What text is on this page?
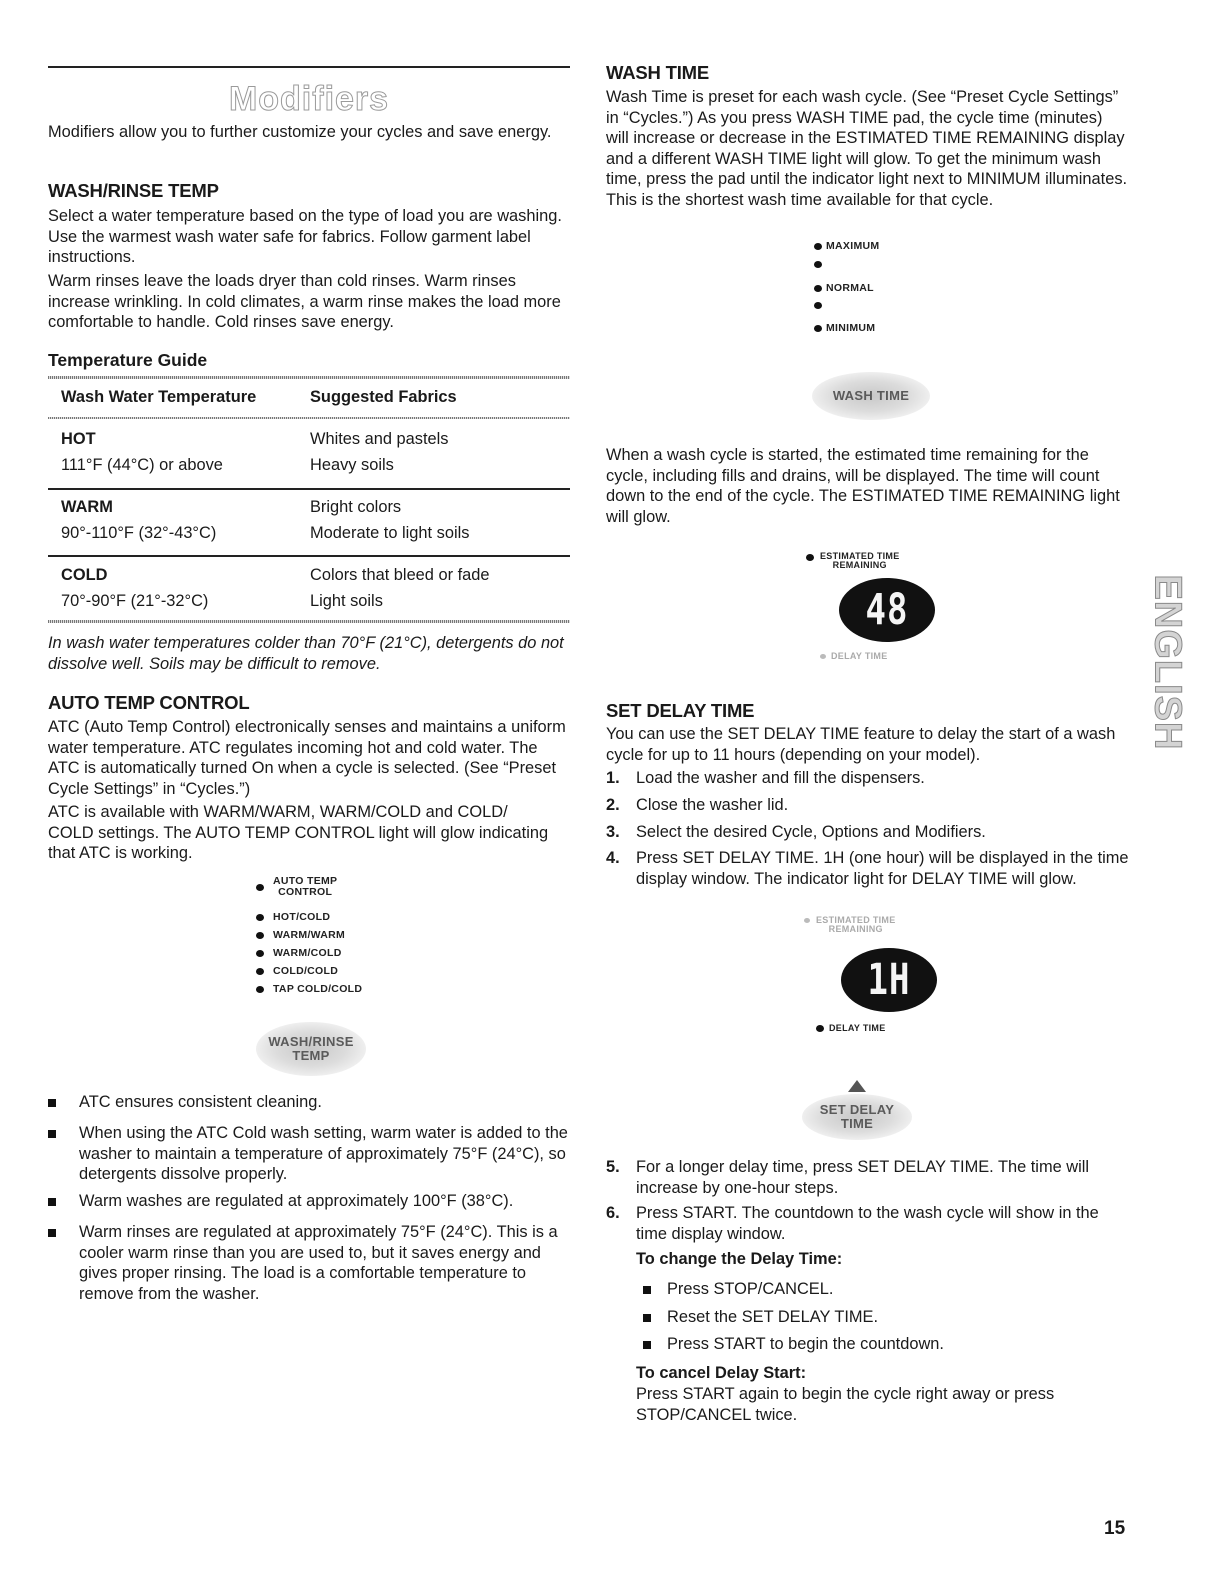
Modifiers

Modifiers allow you to further customize your cycles and save energy.

WASH/RINSE TEMP

Select a water temperature based on the type of load you are washing. Use the warmest wash water safe for fabrics. Follow garment label instructions.

Warm rinses leave the loads dryer than cold rinses. Warm rinses increase wrinkling. In cold climates, a warm rinse makes the load more comfortable to handle. Cold rinses save energy.

Temperature Guide
Wash Water Temperature	Suggested Fabrics
HOT
111°F (44°C) or above
Whites and pastels
Heavy soils
WARM
90°-110°F (32°-43°C)
Bright colors
Moderate to light soils
COLD
70°-90°F (21°-32°C)
Colors that bleed or fade
Light soils

In wash water temperatures colder than 70°F (21°C), detergents do not dissolve well. Soils may be difficult to remove.

AUTO TEMP CONTROL

ATC (Auto Temp Control) electronically senses and maintains a uniform water temperature. ATC regulates incoming hot and cold water. The ATC is automatically turned On when a cycle is selected. (See “Preset Cycle Settings” in “Cycles.”)

ATC is available with WARM/WARM, WARM/COLD and COLD/ COLD settings. The AUTO TEMP CONTROL light will glow indicating that ATC is working.

AUTO TEMP
CONTROL
HOT/COLD
WARM/WARM
WARM/COLD
COLD/COLD
TAP COLD/COLD
WASH/RINSE
TEMP

ATC ensures consistent cleaning.

When using the ATC Cold wash setting, warm water is added to the washer to maintain a temperature of approximately 75°F (24°C), so detergents dissolve properly.

Warm washes are regulated at approximately 100°F (38°C).

Warm rinses are regulated at approximately 75°F (24°C). This is a cooler warm rinse than you are used to, but it saves energy and gives proper rinsing. The load is a comfortable temperature to remove from the washer.

WASH TIME

Wash Time is preset for each wash cycle. (See “Preset Cycle Settings” in “Cycles.”) As you press WASH TIME pad, the cycle time (minutes) will increase or decrease in the ESTIMATED TIME REMAINING display and a different WASH TIME light will glow. To get the minimum wash time, press the pad until the indicator light next to MINIMUM illuminates. This is the shortest wash time available for that cycle.

MAXIMUM
NORMAL
MINIMUM
WASH TIME

When a wash cycle is started, the estimated time remaining for the cycle, including fills and drains, will be displayed. The time will count down to the end of the cycle. The ESTIMATED TIME REMAINING light will glow.

ESTIMATED TIME
REMAINING
48
DELAY TIME
SET DELAY TIME

You can use the SET DELAY TIME feature to delay the start of a wash cycle for up to 11 hours (depending on your model).

1. Load the washer and fill the dispensers.

2. Close the washer lid.

3. Select the desired Cycle, Options and Modifiers.

4. Press SET DELAY TIME. 1H (one hour) will be displayed in the time display window. The indicator light for DELAY TIME will glow.

ESTIMATED TIME
REMAINING
1H
DELAY TIME
SET DELAY
TIME
5. For a longer delay time, press SET DELAY TIME. The time will increase by one-hour steps.

6. Press START. The countdown to the wash cycle will show in the time display window.

To change the Delay Time:

Press STOP/CANCEL.

Reset the SET DELAY TIME.

Press START to begin the countdown.

To cancel Delay Start:

Press START again to begin the cycle right away or press STOP/CANCEL twice.

ENGLISH
15
